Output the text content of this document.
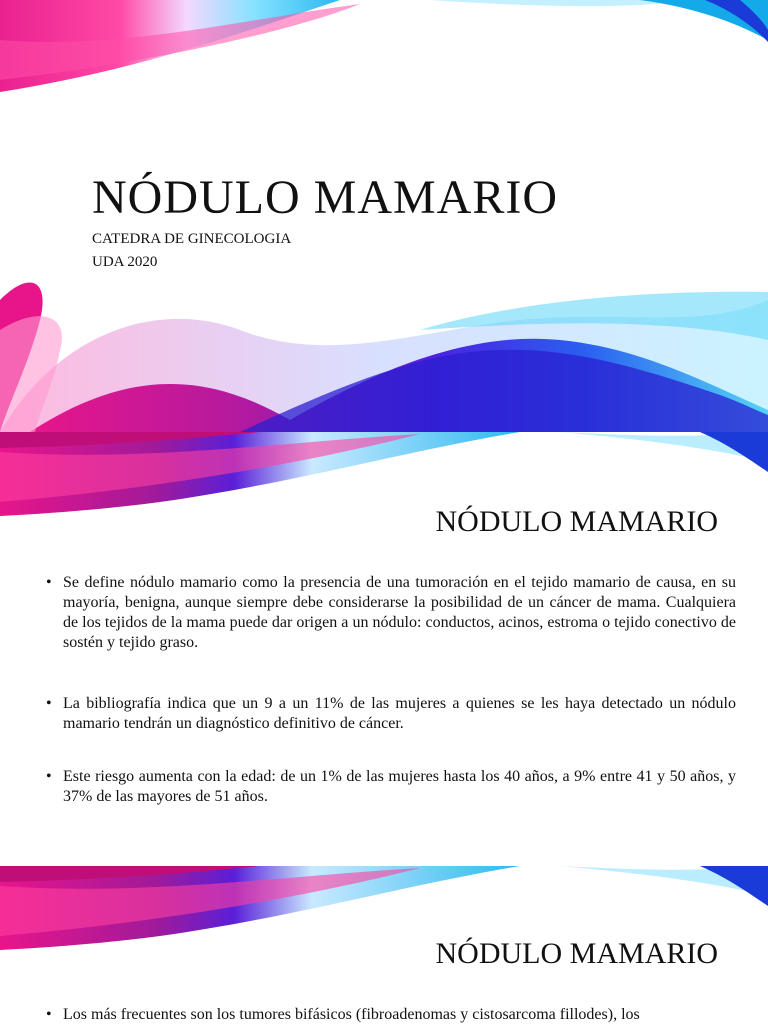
NÓDULO MAMARIO
CATEDRA DE GINECOLOGIA
UDA 2020
NÓDULO MAMARIO
• Se define nódulo mamario como la presencia de una tumoración en el tejido mamario de causa, en su mayoría, benigna, aunque siempre debe considerarse la posibilidad de un cáncer de mama. Cualquiera de los tejidos de la mama puede dar origen a un nódulo: conductos, acinos, estroma o tejido conectivo de sostén y tejido graso.
• La bibliografía indica que un 9 a un 11% de las mujeres a quienes se les haya detectado un nódulo mamario tendrán un diagnóstico definitivo de cáncer.
• Este riesgo aumenta con la edad: de un 1% de las mujeres hasta los 40 años, a 9% entre 41 y 50 años, y 37% de las mayores de 51 años.
NÓDULO MAMARIO
• Los más frecuentes son los tumores bifásicos (fibroadenomas y cistosarcoma fillodes), los
